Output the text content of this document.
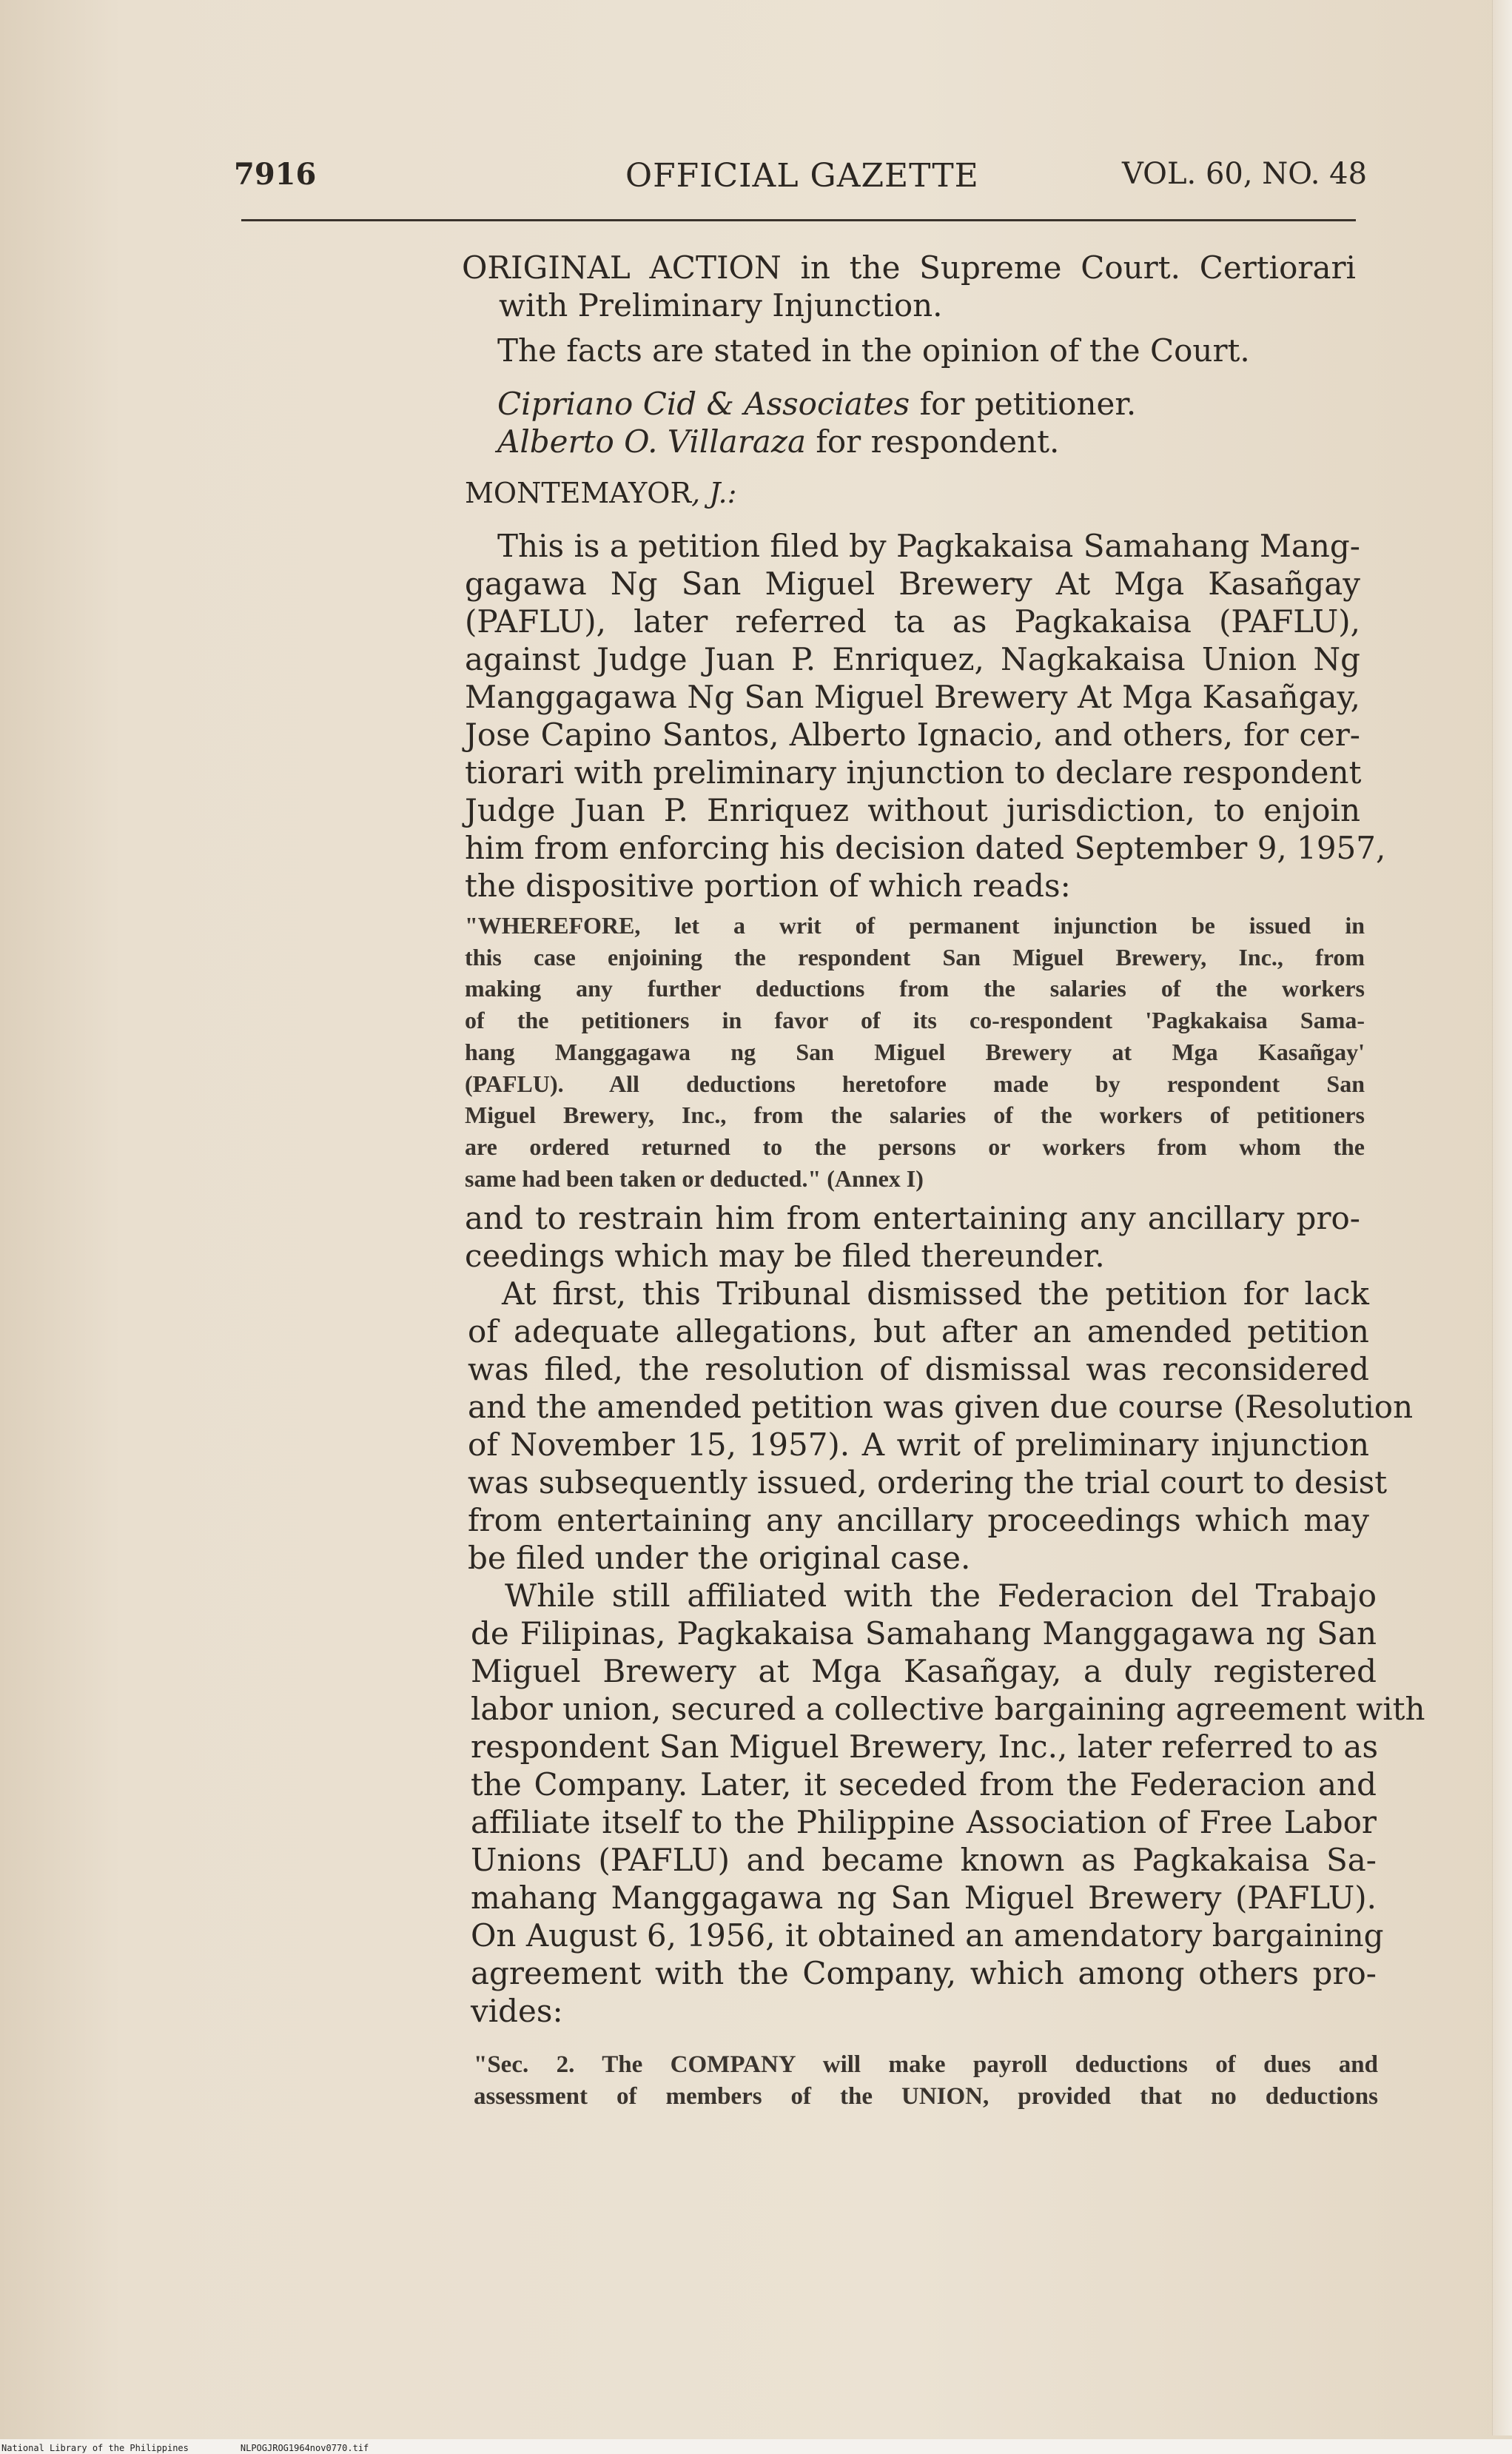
7916	OFFICIAL GAZETTE	VOL. 60, NO. 48
ORIGINAL ACTION in the Supreme Court. Certiorari
with Preliminary Injunction.
The facts are stated in the opinion of the Court.
Cipriano Cid & Associates for petitioner.
Alberto O. Villaraza for respondent.
MONTEMAYOR, J.:
This is a petition filed by Pagkakaisa Samahang Mang-
gagawa Ng San Miguel Brewery At Mga Kasañgay
(PAFLU), later referred ta as Pagkakaisa (PAFLU),
against Judge Juan P. Enriquez, Nagkakaisa Union Ng
Manggagawa Ng San Miguel Brewery At Mga Kasañgay,
Jose Capino Santos, Alberto Ignacio, and others, for cer-
tiorari with preliminary injunction to declare respondent
Judge Juan P. Enriquez without jurisdiction, to enjoin
him from enforcing his decision dated September 9, 1957,
the dispositive portion of which reads:
"WHEREFORE, let a writ of permanent injunction be issued in
this case enjoining the respondent San Miguel Brewery, Inc., from
making any further deductions from the salaries of the workers
of the petitioners in favor of its co-respondent 'Pagkakaisa Sama-
hang Manggagawa ng San Miguel Brewery at Mga Kasañgay'
(PAFLU). All deductions heretofore made by respondent San
Miguel Brewery, Inc., from the salaries of the workers of petitioners
are ordered returned to the persons or workers from whom the
same had been taken or deducted." (Annex I)
and to restrain him from entertaining any ancillary pro-
ceedings which may be filed thereunder.
At first, this Tribunal dismissed the petition for lack
of adequate allegations, but after an amended petition
was filed, the resolution of dismissal was reconsidered
and the amended petition was given due course (Resolution
of November 15, 1957). A writ of preliminary injunction
was subsequently issued, ordering the trial court to desist
from entertaining any ancillary proceedings which may
be filed under the original case.
While still affiliated with the Federacion del Trabajo
de Filipinas, Pagkakaisa Samahang Manggagawa ng San
Miguel Brewery at Mga Kasañgay, a duly registered
labor union, secured a collective bargaining agreement with
respondent San Miguel Brewery, Inc., later referred to as
the Company. Later, it seceded from the Federacion and
affiliate itself to the Philippine Association of Free Labor
Unions (PAFLU) and became known as Pagkakaisa Sa-
mahang Manggagawa ng San Miguel Brewery (PAFLU).
On August 6, 1956, it obtained an amendatory bargaining
agreement with the Company, which among others pro-
vides:
"Sec. 2. The COMPANY will make payroll deductions of dues and
assessment of members of the UNION, provided that no deductions
National Library of the Philippines	NLPOGJROG1964nov0770.tif
